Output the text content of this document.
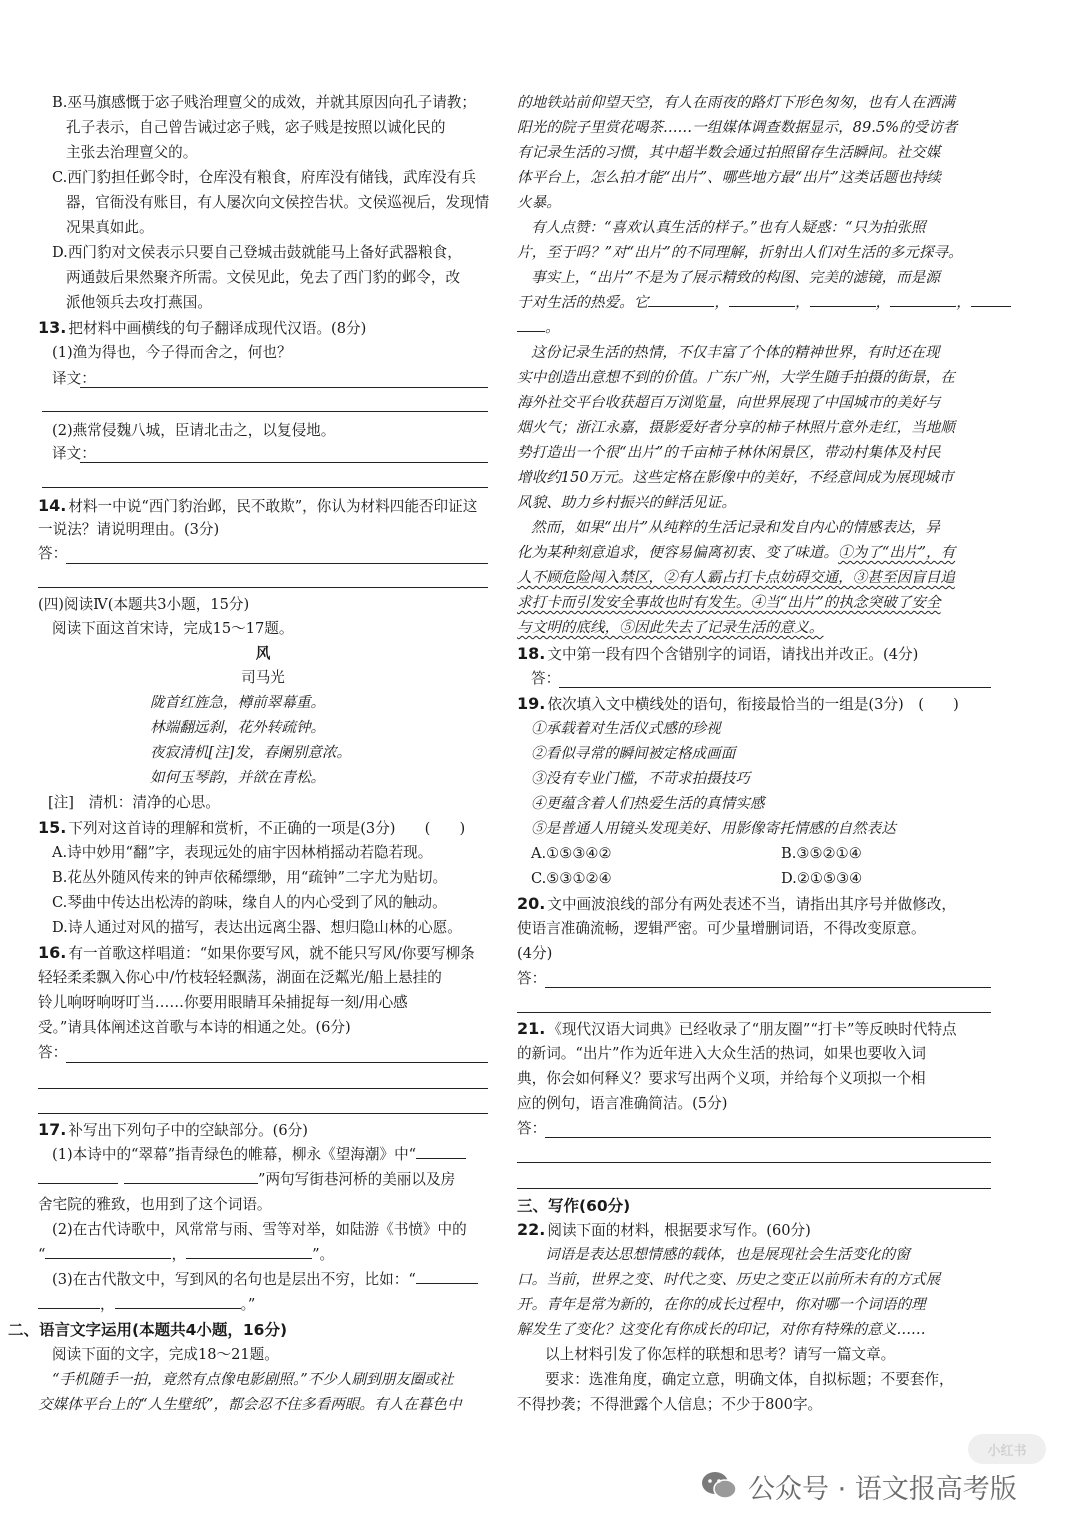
B.巫马旗感慨于宓子贱治理亶父的成效，并就其原因向孔子请教；
孔子表示，自己曾告诫过宓子贱，宓子贱是按照以诚化民的
主张去治理亶父的。
C.西门豹担任邺令时，仓库没有粮食，府库没有储钱，武库没有兵
器，官衙没有账目，有人屡次向文侯控告状。文侯巡视后，发现情
况果真如此。
D.西门豹对文侯表示只要自己登城击鼓就能马上备好武器粮食，
两通鼓后果然聚齐所需。文侯见此，免去了西门豹的邺令，改
派他领兵去攻打燕国。
13. 把材料中画横线的句子翻译成现代汉语。(8分)
(1)渔为得也，今子得而舍之，何也？
译文：
(2)燕常侵魏八城，臣请北击之，以复侵地。
译文：
14. 材料一中说“西门豹治邺，民不敢欺”，你认为材料四能否印证这
一说法？请说明理由。(3分)
答：
(四)阅读Ⅳ(本题共3小题，15分)
阅读下面这首宋诗，完成15～17题。
风
司马光
陇首红旌急，樽前翠幕重。
林端翻远刹，花外转疏钟。
夜寂清机[注]发，春阑别意浓。
如何玉琴韵，并欲在青松。
[注]　清机：清净的心思。
15. 下列对这首诗的理解和赏析，不正确的一项是(3分)　　(　　)
A.诗中妙用“翻”字，表现远处的庙宇因林梢摇动若隐若现。
B.花丛外随风传来的钟声依稀缥缈，用“疏钟”二字尤为贴切。
C.琴曲中传达出松涛的韵味，缘自人的内心受到了风的触动。
D.诗人通过对风的描写，表达出远离尘器、想归隐山林的心愿。
16. 有一首歌这样唱道：“如果你要写风，就不能只写风/你要写柳条
轻轻柔柔飘入你心中/竹枝轻轻飘荡，湖面在泛粼光/船上悬挂的
铃儿响呀响呀叮当……你要用眼睛耳朵捕捉每一刻/用心感
受。”请具体阐述这首歌与本诗的相通之处。(6分)
答：
17. 补写出下列句子中的空缺部分。(6分)
(1)本诗中的“翠幕”指青绿色的帷幕，柳永《望海潮》中“
”两句写街巷河桥的美丽以及房
舍宅院的雅致，也用到了这个词语。
(2)在古代诗歌中，风常常与雨、雪等对举，如陆游《书愤》中的
“	，	”。
(3)在古代散文中，写到风的名句也是层出不穷，比如：“
，	。”
二、语言文字运用(本题共4小题，16分)
阅读下面的文字，完成18～21题。
“手机随手一拍，竟然有点像电影剧照。”不少人刷到朋友圈或社
交媒体平台上的“人生壁纸”，都会忍不住多看两眼。有人在暮色中
的地铁站前仰望天空，有人在雨夜的路灯下形色匆匆，也有人在洒满
阳光的院子里赏花喝茶……一组媒体调查数据显示，89.5%的受访者
有记录生活的习惯，其中超半数会通过拍照留存生活瞬间。社交媒
体平台上，怎么拍才能“出片”、哪些地方最“出片”这类话题也持续
火暴。
有人点赞：“喜欢认真生活的样子。”也有人疑惑：“只为拍张照
片，至于吗？”对“出片”的不同理解，折射出人们对生活的多元探寻。
事实上，“出片”不是为了展示精致的构图、完美的滤镜，而是源
于对生活的热爱。它	，	，	，	，
。
这份记录生活的热情，不仅丰富了个体的精神世界，有时还在现
实中创造出意想不到的价值。广东广州，大学生随手拍摄的街景，在
海外社交平台收获超百万浏览量，向世界展现了中国城市的美好与
烟火气；浙江永嘉，摄影爱好者分享的柿子林照片意外走红，当地顺
势打造出一个很“出片”的千亩柿子林休闲景区，带动村集体及村民
增收约150万元。这些定格在影像中的美好，不经意间成为展现城市
风貌、助力乡村振兴的鲜活见证。
然而，如果“出片”从纯粹的生活记录和发自内心的情感表达，异
化为某种刻意追求，便容易偏离初衷、变了味道。①为了“出片”，有
人不顾危险闯入禁区，②有人霸占打卡点妨碍交通，③甚至因盲目追
求打卡而引发安全事故也时有发生。④当“出片”的执念突破了安全
与文明的底线，⑤因此失去了记录生活的意义。
18. 文中第一段有四个含错别字的词语，请找出并改正。(4分)
答：
19. 依次填入文中横线处的语句，衔接最恰当的一组是(3分)　(　　)
①承载着对生活仪式感的珍视
②看似寻常的瞬间被定格成画面
③没有专业门槛，不苛求拍摄技巧
④更蕴含着人们热爱生活的真情实感
⑤是普通人用镜头发现美好、用影像寄托情感的自然表达
A.①⑤③④②	B.③⑤②①④
C.⑤③①②④	D.②①⑤③④
20. 文中画波浪线的部分有两处表述不当，请指出其序号并做修改，
使语言准确流畅，逻辑严密。可少量增删词语，不得改变原意。
(4分)
答：
21. 《现代汉语大词典》已经收录了“朋友圈”“打卡”等反映时代特点
的新词。“出片”作为近年进入大众生活的热词，如果也要收入词
典，你会如何释义？要求写出两个义项，并给每个义项拟一个相
应的例句，语言准确简洁。(5分)
答：
三、写作(60分)
22. 阅读下面的材料，根据要求写作。(60分)
词语是表达思想情感的载体，也是展现社会生活变化的窗
口。当前，世界之变、时代之变、历史之变正以前所未有的方式展
开。青年是常为新的，在你的成长过程中，你对哪一个词语的理
解发生了变化？这变化有你成长的印记，对你有特殊的意义……
以上材料引发了你怎样的联想和思考？请写一篇文章。
要求：选准角度，确定立意，明确文体，自拟标题；不要套作，
不得抄袭；不得泄露个人信息；不少于800字。
小红书
公众号 · 语文报高考版
